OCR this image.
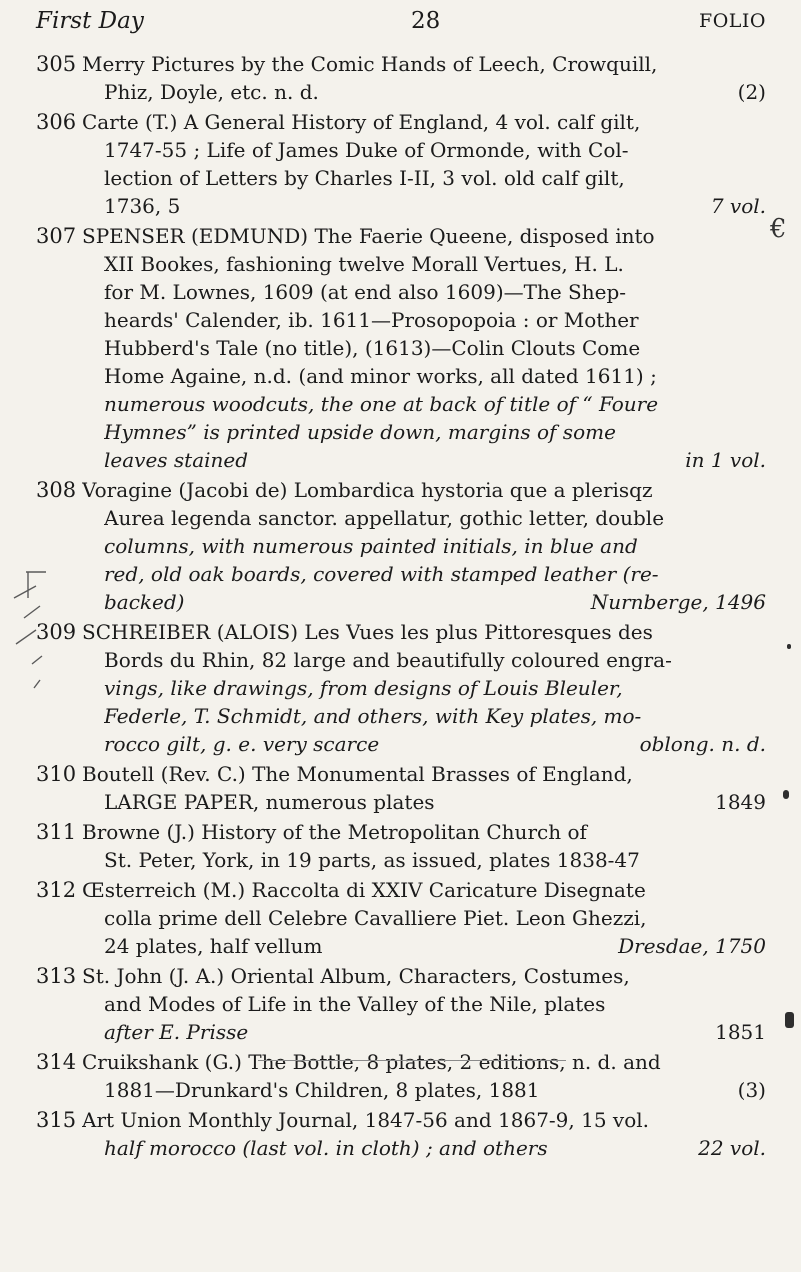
First Day	28	FOLIO
305 Merry Pictures by the Comic Hands of Leech, Crowquill,
Phiz, Doyle, etc. n. d.	(2)
306 Carte (T.) A General History of England, 4 vol. calf gilt,
1747-55 ; Life of James Duke of Ormonde, with Col-
lection of Letters by Charles I-II, 3 vol. old calf gilt,
1736, 5	7 vol.
307 SPENSER (EDMUND) The Faerie Queene, disposed into
XII Bookes, fashioning twelve Morall Vertues, H. L.
for M. Lownes, 1609 (at end also 1609)—The Shep-
heards' Calender, ib. 1611—Prosopopoia : or Mother
Hubberd's Tale (no title), (1613)—Colin Clouts Come
Home Againe, n.d. (and minor works, all dated 1611) ;
numerous woodcuts, the one at back of title of “ Foure
Hymnes” is printed upside down, margins of some
leaves stained	in 1 vol.
308 Voragine (Jacobi de) Lombardica hystoria que a plerisqz
Aurea legenda sanctor. appellatur, gothic letter, double
columns, with numerous painted initials, in blue and
red, old oak boards, covered with stamped leather (re-
backed)	Nurnberge, 1496
309 SCHREIBER (ALOIS) Les Vues les plus Pittoresques des
Bords du Rhin, 82 large and beautifully coloured engra-
vings, like drawings, from designs of Louis Bleuler,
Federle, T. Schmidt, and others, with Key plates, mo-
rocco gilt, g. e. very scarce	oblong. n. d.
310 Boutell (Rev. C.) The Monumental Brasses of England,
LARGE PAPER, numerous plates	1849
311 Browne (J.) History of the Metropolitan Church of
St. Peter, York, in 19 parts, as issued, plates 1838-47
312 Œsterreich (M.) Raccolta di XXIV Caricature Disegnate
colla prime dell Celebre Cavalliere Piet. Leon Ghezzi,
24 plates, half vellum	Dresdae, 1750
313 St. John (J. A.) Oriental Album, Characters, Costumes,
and Modes of Life in the Valley of the Nile, plates
after E. Prisse	1851
314 Cruikshank (G.) The Bottle, 8 plates, 2 editions, n. d. and
1881—Drunkard's Children, 8 plates, 1881	(3)
315 Art Union Monthly Journal, 1847-56 and 1867-9, 15 vol.
half morocco (last vol. in cloth) ; and others	22 vol.
€
